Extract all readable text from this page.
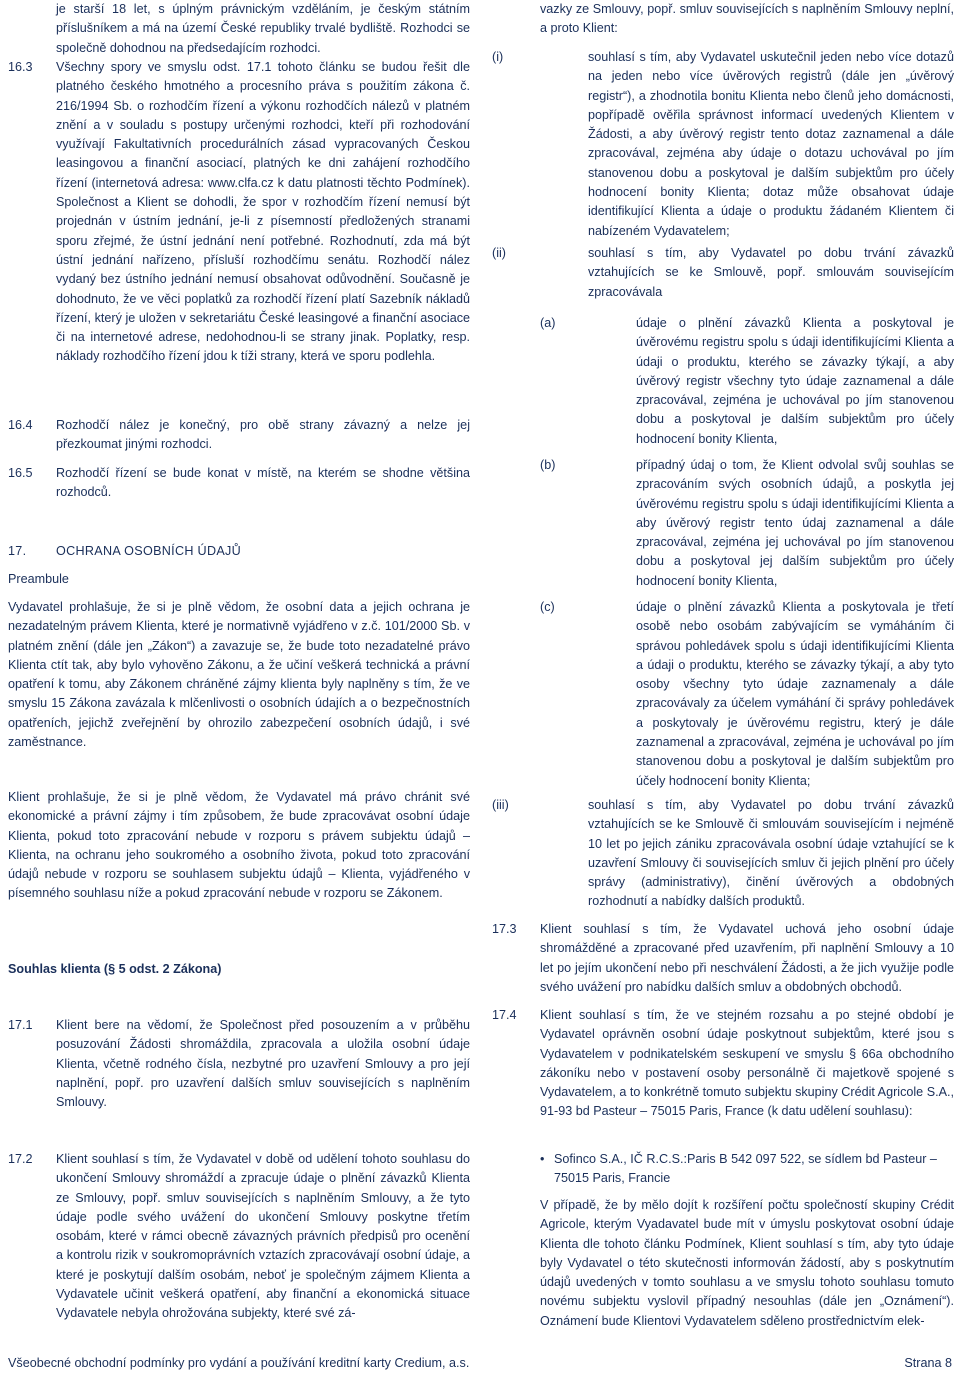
je starší 18 let, s úplným právnickým vzděláním, je českým státním příslušníkem a má na území České republiky trvalé bydliště. Rozhodci se společně dohodnou na předsedajícím rozhodci.

16.3	Všechny spory ve smyslu odst. 17.1 tohoto článku se budou řešit dle platného českého hmotného a procesního práva s použitím zákona č. 216/1994 Sb. o rozhodčím řízení a výkonu rozhodčích nálezů v platném znění a v souladu s postupy určenými rozhodci, kteří při rozhodování využívají Fakultativních procedurálních zásad vypracovaných Českou leasingovou a finanční asociací, platných ke dni zahájení rozhodčího řízení (internetová adresa: www.clfa.cz k datu platnosti těchto Podmínek). Společnost a Klient se dohodli, že spor v rozhodčím řízení nemusí být projednán v ústním jednání, je-li z písemností předložených stranami sporu zřejmé, že ústní jednání není potřebné. Rozhodnutí, zda má být ústní jednání nařízeno, přísluší rozhodčímu senátu. Rozhodčí nález vydaný bez ústního jednání nemusí obsahovat odůvodnění. Současně je dohodnuto, že ve věci poplatků za rozhodčí řízení platí Sazebník nákladů řízení, který je uložen v sekretariátu České leasingové a finanční asociace či na internetové adrese, nedohodnou-li se strany jinak. Poplatky, resp. náklady rozhodčího řízení jdou k tíži strany, která ve sporu podlehla.
16.4	Rozhodčí nález je konečný, pro obě strany závazný a nelze jej přezkoumat jinými rozhodci.
16.5	Rozhodčí řízení se bude konat v místě, na kterém se shodne většina rozhodců.
17.	OCHRANA OSOBNÍCH ÚDAJŮ

Preambule

Vydavatel prohlašuje, že si je plně vědom, že osobní data a jejich ochrana je nezadatelným právem Klienta, které je normativně vyjádřeno v z.č. 101/2000 Sb. v platném znění (dále jen „Zákon“) a zavazuje se, že bude toto nezadatelné právo Klienta ctít tak, aby bylo vyhověno Zákonu, a že učiní veškerá technická a právní opatření k tomu, aby Zákonem chráněné zájmy klienta byly naplněny s tím, že ve smyslu 15 Zákona zavázala k mlčenlivosti o osobních údajích a o bezpečnostních opatřeních, jejichž zveřejnění by ohrozilo zabezpečení osobních údajů, i své zaměstnance.

Klient prohlašuje, že si je plně vědom, že Vydavatel má právo chránit své ekonomické a právní zájmy i tím způsobem, že bude zpracovávat osobní údaje Klienta, pokud toto zpracování nebude v rozporu s právem subjektu údajů – Klienta, na ochranu jeho soukromého a osobního života, pokud toto zpracování údajů nebude v rozporu se souhlasem subjektu údajů – Klienta, vyjádřeného v písemného souhlasu níže a pokud zpracování nebude v rozporu se Zákonem.

Souhlas klienta (§ 5 odst. 2 Zákona)

17.1	Klient bere na vědomí, že Společnost před posouzením a v průběhu posuzování Žádosti shromáždila, zpracovala a uložila osobní údaje Klienta, včetně rodného čísla, nezbytné pro uzavření Smlouvy a pro její naplnění, popř. pro uzavření dalších smluv souvisejících s naplněním Smlouvy.
17.2	Klient souhlasí s tím, že Vydavatel v době od udělení tohoto souhlasu do ukončení Smlouvy shromáždí a zpracuje údaje o plnění závazků Klienta ze Smlouvy, popř. smluv souvisejících s naplněním Smlouvy, a že tyto údaje podle svého uvážení do ukončení Smlouvy poskytne třetím osobám, které v rámci obecně závazných právních předpisů pro ocenění a kontrolu rizik v soukromoprávních vztazích zpracovávají osobní údaje, a které je poskytují dalším osobám, neboť je společným zájmem Klienta a Vydavatele učinit veškerá opatření, aby finanční a ekonomická situace Vydavatele nebyla ohrožována subjekty, které své zá-

vazky ze Smlouvy, popř. smluv souvisejících s naplněním Smlouvy neplní, a proto Klient:

(i)	souhlasí s tím, aby Vydavatel uskutečnil jeden nebo více dotazů na jeden nebo více úvěrových registrů (dále jen „úvěrový registr“), a zhodnotila bonitu Klienta nebo členů jeho domácnosti, popřípadě ověřila správnost informací uvedených Klientem v Žádosti, a aby úvěrový registr tento dotaz zaznamenal a dále zpracovával, zejména aby údaje o dotazu uchovával po jím stanovenou dobu a poskytoval je dalším subjektům pro účely hodnocení bonity Klienta; dotaz může obsahovat údaje identifikující Klienta a údaje o produktu žádaném Klientem či nabízeném Vydavatelem;
(ii)	souhlasí s tím, aby Vydavatel po dobu trvání závazků vztahujících se ke Smlouvě, popř. smlouvám souvisejícím zpracovávala
(a)	údaje o plnění závazků Klienta a poskytoval je úvěrovému registru spolu s údaji identifikujícími Klienta a údaji o produktu, kterého se závazky týkají, a aby úvěrový registr všechny tyto údaje zaznamenal a dále zpracovával, zejména je uchovával po jím stanovenou dobu a poskytoval je dalším subjektům pro účely hodnocení bonity Klienta,
(b)	případný údaj o tom, že Klient odvolal svůj souhlas se zpracováním svých osobních údajů, a poskytla jej úvěrovému registru spolu s údaji identifikujícími Klienta a aby úvěrový registr tento údaj zaznamenal a dále zpracovával, zejména jej uchovával po jím stanovenou dobu a poskytoval jej dalším subjektům pro účely hodnocení bonity Klienta,
(c)	údaje o plnění závazků Klienta a poskytovala je třetí osobě nebo osobám zabývajícím se vymáháním či správou pohledávek spolu s údaji identifikujícími Klienta a údaji o produktu, kterého se závazky týkají, a aby tyto osoby všechny tyto údaje zaznamenaly a dále zpracovávaly za účelem vymáhání či správy pohledávek a poskytovaly je úvěrovému registru, který je dále zaznamenal a zpracovával, zejména je uchovával po jím stanovenou dobu a poskytoval je dalším subjektům pro účely hodnocení bonity Klienta;
(iii)	souhlasí s tím, aby Vydavatel po dobu trvání závazků vztahujících se ke Smlouvě či smlouvám souvisejícím i nejméně 10 let po jejich zániku zpracovávala osobní údaje vztahující se k uzavření Smlouvy či souvisejících smluv či jejich plnění pro účely správy (administrativy), činění úvěrových a obdobných rozhodnutí a nabídky dalších produktů.
17.3	Klient souhlasí s tím, že Vydavatel uchová jeho osobní údaje shromážděné a zpracované před uzavřením, při naplnění Smlouvy a 10 let po jejím ukončení nebo při neschválení Žádosti, a že jich využije podle svého uvážení pro nabídku dalších smluv a obdobných obchodů.
17.4	Klient souhlasí s tím, že ve stejném rozsahu a po stejné období je Vydavatel oprávněn osobní údaje poskytnout subjektům, které jsou s Vydavatelem v podnikatelském seskupení ve smyslu § 66a obchodního zákoníku nebo v postavení osoby personálně či majetkově spojené s Vydavatelem, a to konkrétně tomuto subjektu skupiny Crédit Agricole S.A., 91-93 bd Pasteur – 75015 Paris, France (k datu udělení souhlasu):
• Sofinco S.A., IČ R.C.S.:Paris B 542 097 522, se sídlem bd Pasteur – 75015 Paris, Francie

V případě, že by mělo dojít k rozšíření počtu společností skupiny Crédit Agricole, kterým Vyadavatel bude mít v úmyslu poskytovat osobní údaje Klienta dle tohoto článku Podmínek, Klient souhlasí s tím, aby tyto údaje byly Vydavatel o této skutečnosti informován žádostí, aby s poskytnutím údajů uvedených v tomto souhlasu a ve smyslu tohoto souhlasu tomuto novému subjektu vyslovil případný nesouhlas (dále jen „Oznámení“). Oznámení bude Klientovi Vydavatelem sděleno prostřednictvím elek-

Všeobecné obchodní podmínky pro vydání a používání kreditní karty Credium, a.s.	Strana 8
